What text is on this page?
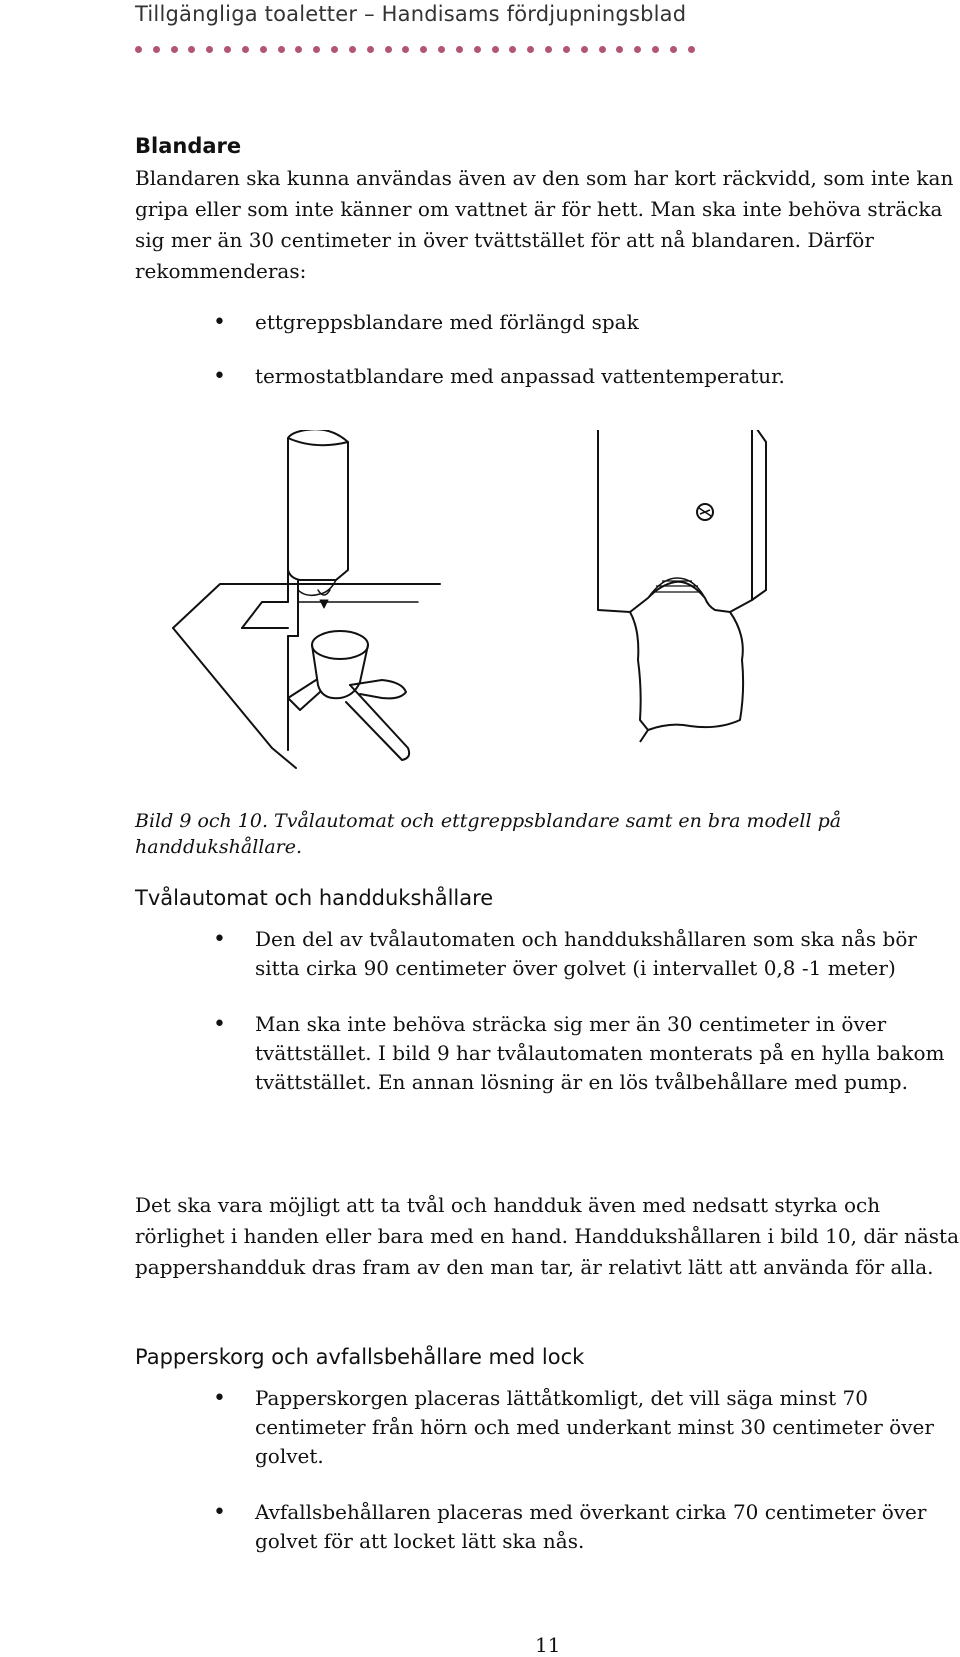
Tillgängliga toaletter – Handisams fördjupningsblad
Blandare

Blandaren ska kunna användas även av den som har kort räckvidd, som inte kan gripa eller som inte känner om vattnet är för hett. Man ska inte behöva sträcka sig mer än 30 centimeter in över tvättstället för att nå blandaren. Därför rekommenderas:

• ettgreppsblandare med förlängd spak
• termostatblandare med anpassad vattentemperatur.

Bild 9 och 10. Tvålautomat och ettgreppsblandare samt en bra modell på handdukshållare.

Tvålautomat och handdukshållare
• Den del av tvålautomaten och handdukshållaren som ska nås bör sitta cirka 90 centimeter över golvet (i intervallet 0,8 -1 meter)
• Man ska inte behöva sträcka sig mer än 30 centimeter in över tvättstället. I bild 9 har tvålautomaten monterats på en hylla bakom tvättstället. En annan lösning är en lös tvålbehållare med pump.

Det ska vara möjligt att ta tvål och handduk även med nedsatt styrka och rörlighet i handen eller bara med en hand. Handdukshållaren i bild 10, där nästa pappershandduk dras fram av den man tar, är relativt lätt att använda för alla.

Papperskorg och avfallsbehållare med lock
• Papperskorgen placeras lättåtkomligt, det vill säga minst 70 centimeter från hörn och med underkant minst 30 centimeter över golvet.
• Avfallsbehållaren placeras med överkant cirka 70 centimeter över golvet för att locket lätt ska nås.
11
